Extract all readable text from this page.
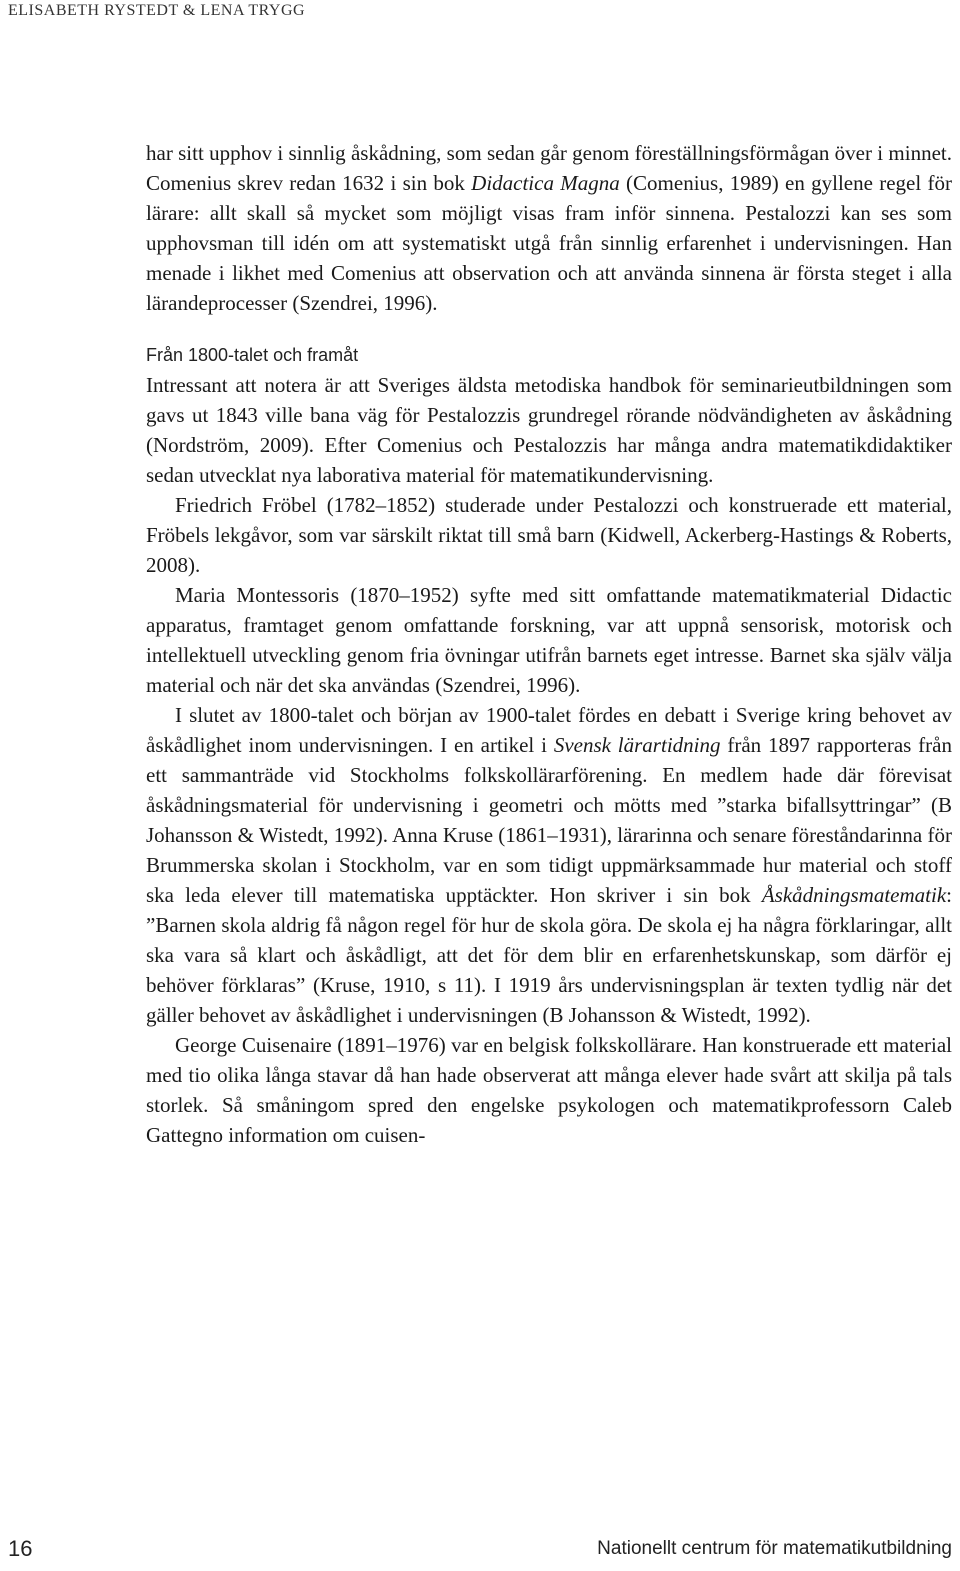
ELISABETH RYSTEDT & LENA TRYGG

har sitt upphov i sinnlig åskådning, som sedan går genom föreställningsförmågan över i minnet. Comenius skrev redan 1632 i sin bok Didactica Magna (Comenius, 1989) en gyllene regel för lärare: allt skall så mycket som möjligt visas fram inför sinnena. Pestalozzi kan ses som upphovsman till idén om att systematiskt utgå från sinnlig erfarenhet i undervisningen. Han menade i likhet med Comenius att observation och att använda sinnena är första steget i alla lärandeprocesser (Szendrei, 1996).

Från 1800-talet och framåt

Intressant att notera är att Sveriges äldsta metodiska handbok för seminarieutbildningen som gavs ut 1843 ville bana väg för Pestalozzis grundregel rörande nödvändigheten av åskådning (Nordström, 2009). Efter Comenius och Pestalozzis har många andra matematikdidaktiker sedan utvecklat nya laborativa material för matematikundervisning.

Friedrich Fröbel (1782–1852) studerade under Pestalozzi och konstruerade ett material, Fröbels lekgåvor, som var särskilt riktat till små barn (Kidwell, Ackerberg-Hastings & Roberts, 2008).

Maria Montessoris (1870–1952) syfte med sitt omfattande matematikmaterial Didactic apparatus, framtaget genom omfattande forskning, var att uppnå sensorisk, motorisk och intellektuell utveckling genom fria övningar utifrån barnets eget intresse. Barnet ska själv välja material och när det ska användas (Szendrei, 1996).

I slutet av 1800-talet och början av 1900-talet fördes en debatt i Sverige kring behovet av åskådlighet inom undervisningen. I en artikel i Svensk lärartidning från 1897 rapporteras från ett sammanträde vid Stockholms folkskollärarförening. En medlem hade där förevisat åskådningsmaterial för undervisning i geometri och mötts med ”starka bifallsyttringar” (B Johansson & Wistedt, 1992). Anna Kruse (1861–1931), lärarinna och senare föreståndarinna för Brummerska skolan i Stockholm, var en som tidigt uppmärksammade hur material och stoff ska leda elever till matematiska upptäckter. Hon skriver i sin bok Åskådningsmatematik: ”Barnen skola aldrig få någon regel för hur de skola göra. De skola ej ha några förklaringar, allt ska vara så klart och åskådligt, att det för dem blir en erfarenhetskunskap, som därför ej behöver förklaras” (Kruse, 1910, s 11). I 1919 års undervisningsplan är texten tydlig när det gäller behovet av åskådlighet i undervisningen (B Johansson & Wistedt, 1992).

George Cuisenaire (1891–1976) var en belgisk folkskollärare. Han konstruerade ett material med tio olika långa stavar då han hade observerat att många elever hade svårt att skilja på tals storlek. Så småningom spred den engelske psykologen och matematikprofessorn Caleb Gattegno information om cuisen-

16	Nationellt centrum för matematikutbildning
